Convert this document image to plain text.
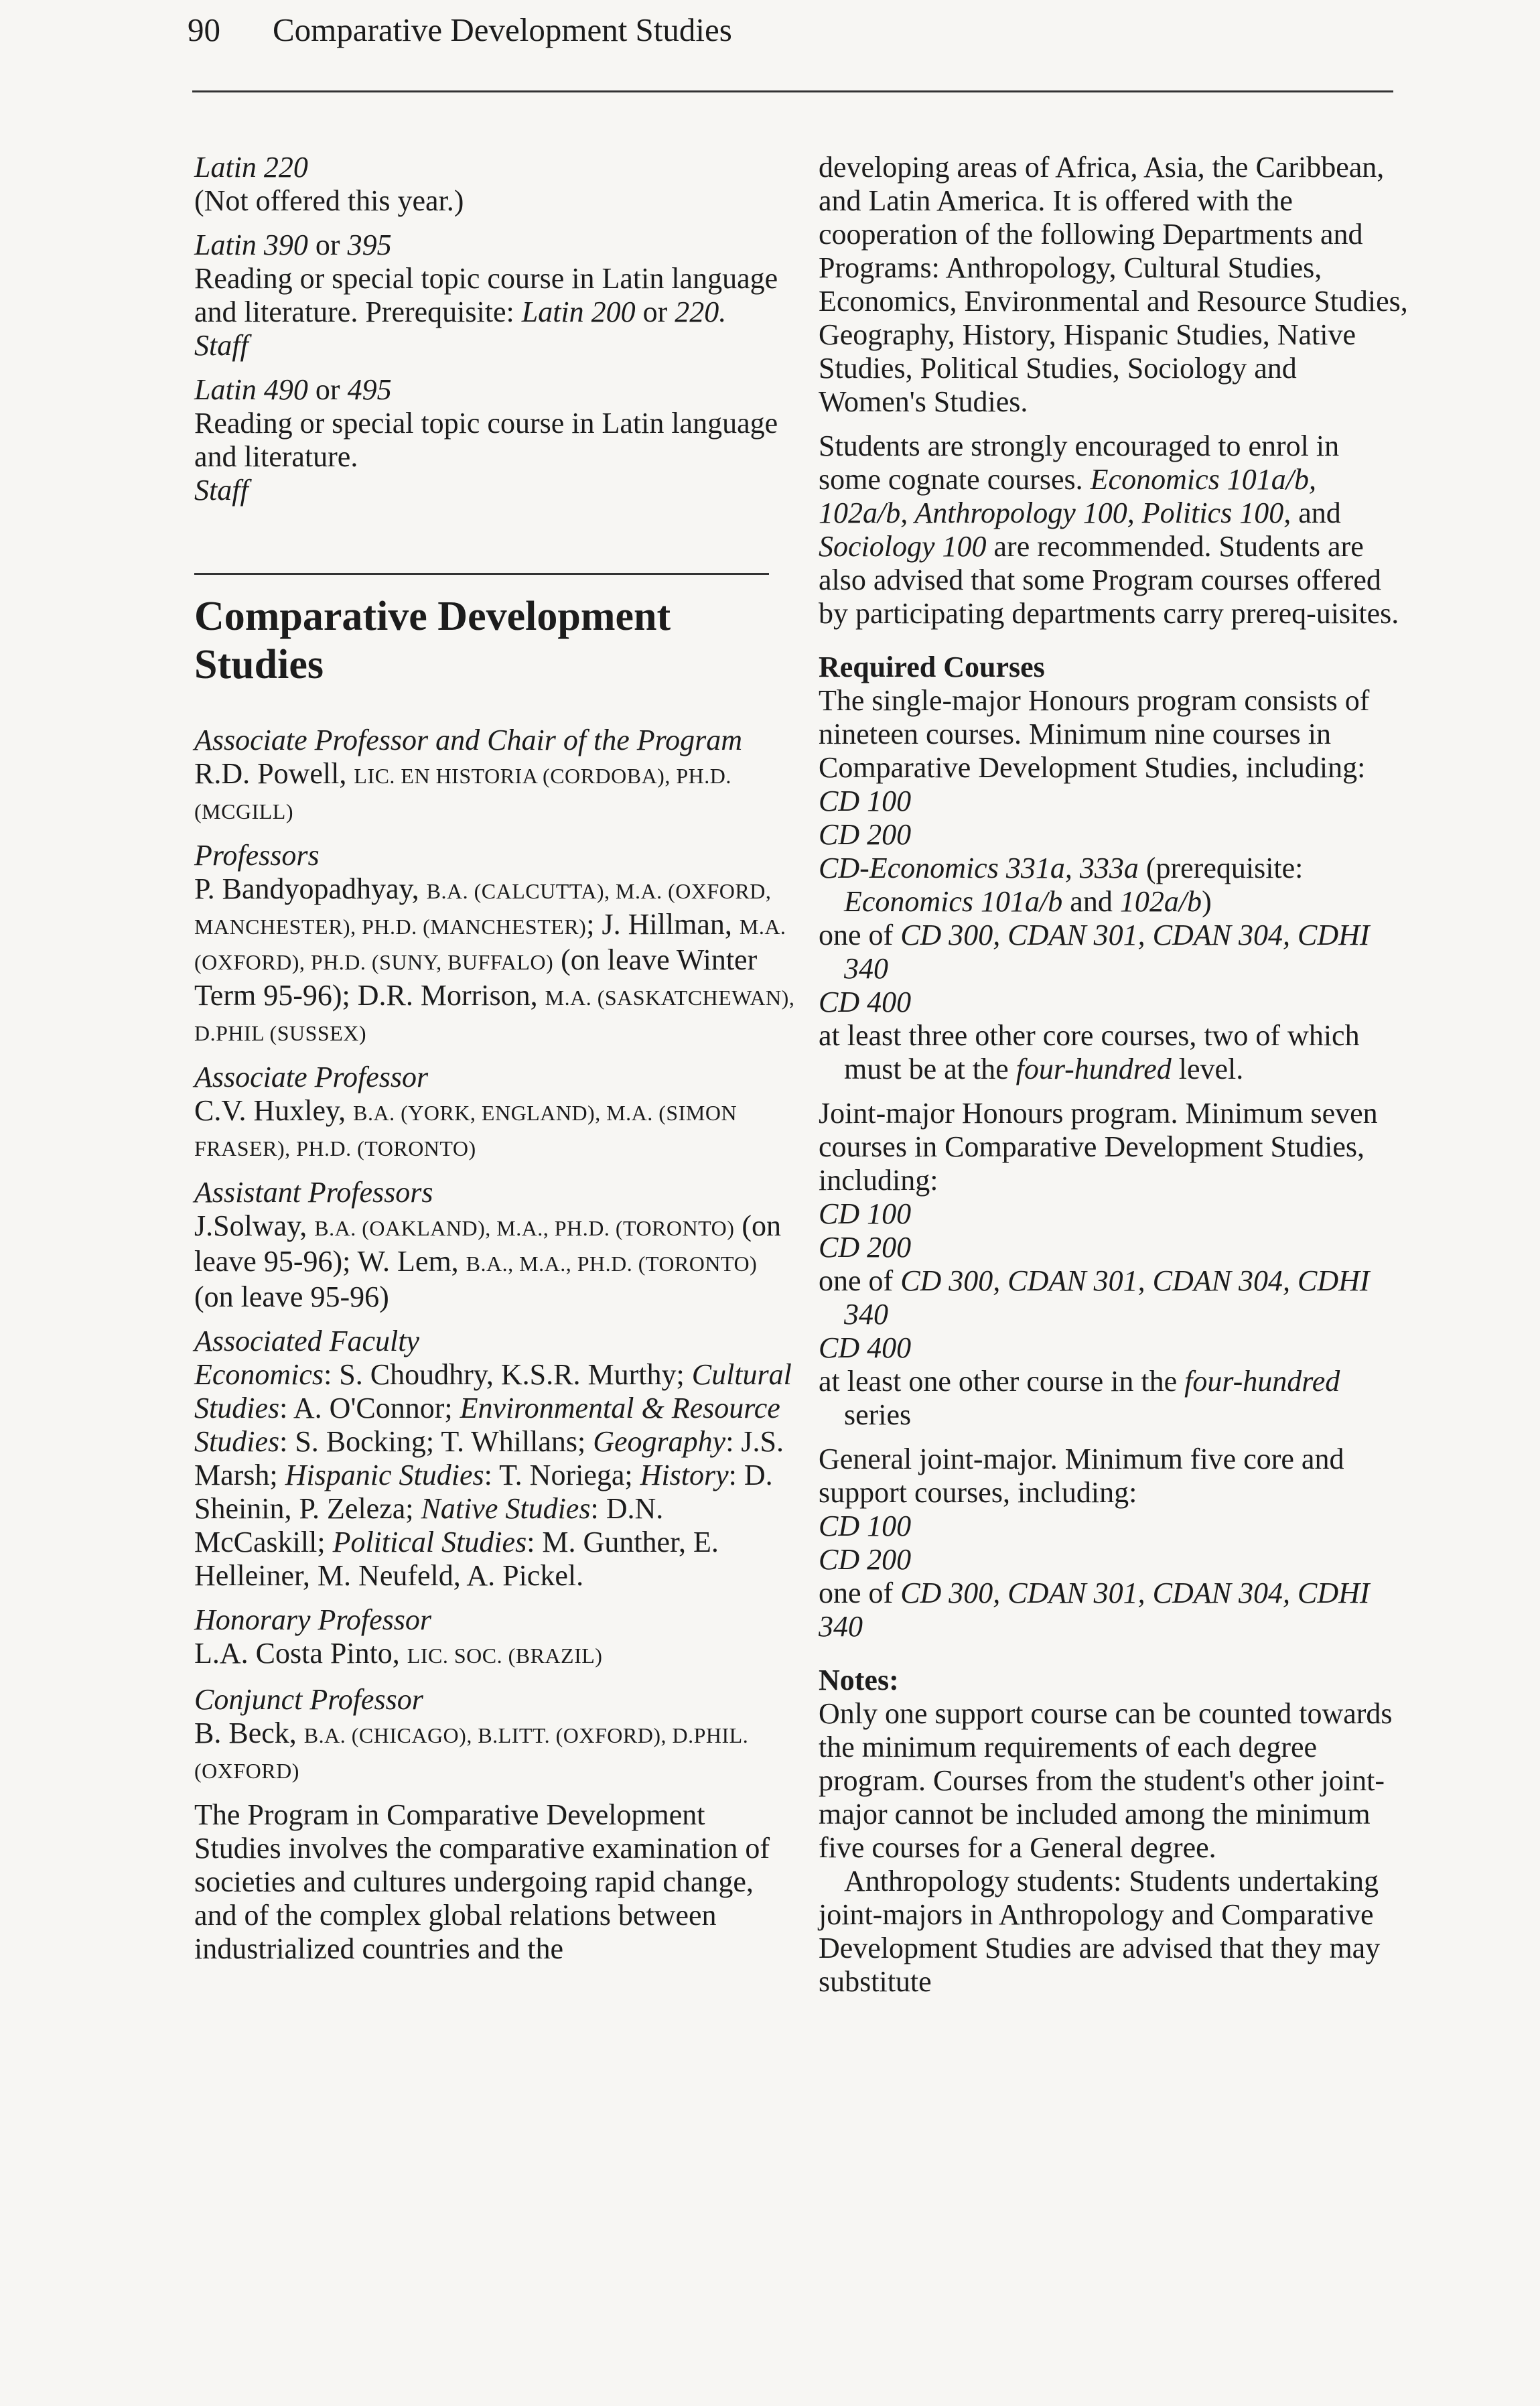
90 Comparative Development Studies

Latin 220

(Not offered this year.)

Latin 390 or 395

Reading or special topic course in Latin language and literature. Prerequisite: Latin 200 or 220.

Staff

Latin 490 or 495

Reading or special topic course in Latin language and literature.

Staff

Comparative Development Studies

Associate Professor and Chair of the Program

R.D. Powell, LIC. EN HISTORIA (CORDOBA), PH.D. (MCGILL)

Professors

P. Bandyopadhyay, B.A. (CALCUTTA), M.A. (OXFORD, MANCHESTER), PH.D. (MANCHESTER); J. Hillman, M.A. (OXFORD), PH.D. (SUNY, BUFFALO) (on leave Winter Term 95-96); D.R. Morrison, M.A. (SASKATCHEWAN), D.PHIL (SUSSEX)

Associate Professor

C.V. Huxley, B.A. (YORK, ENGLAND), M.A. (SIMON FRASER), PH.D. (TORONTO)

Assistant Professors

J.Solway, B.A. (OAKLAND), M.A., PH.D. (TORONTO) (on leave 95-96); W. Lem, B.A., M.A., PH.D. (TORONTO) (on leave 95-96)

Associated Faculty

Economics: S. Choudhry, K.S.R. Murthy; Cultural Studies: A. O'Connor; Environmental & Resource Studies: S. Bocking; T. Whillans; Geography: J.S. Marsh; Hispanic Studies: T. Noriega; History: D. Sheinin, P. Zeleza; Native Studies: D.N. McCaskill; Political Studies: M. Gunther, E. Helleiner, M. Neufeld, A. Pickel.

Honorary Professor

L.A. Costa Pinto, LIC. SOC. (BRAZIL)

Conjunct Professor

B. Beck, B.A. (CHICAGO), B.LITT. (OXFORD), D.PHIL. (OXFORD)

The Program in Comparative Development Studies involves the comparative examination of societies and cultures undergoing rapid change, and of the complex global relations between industrialized countries and the

developing areas of Africa, Asia, the Caribbean, and Latin America. It is offered with the cooperation of the following Departments and Programs: Anthropology, Cultural Studies, Economics, Environmental and Resource Studies, Geography, History, Hispanic Studies, Native Studies, Political Studies, Sociology and Women's Studies.

Students are strongly encouraged to enrol in some cognate courses. Economics 101a/b, 102a/b, Anthropology 100, Politics 100, and Sociology 100 are recommended. Students are also advised that some Program courses offered by participating departments carry prereq-uisites.

Required Courses

The single-major Honours program consists of nineteen courses. Minimum nine courses in Comparative Development Studies, including:

CD 100

CD 200

CD-Economics 331a, 333a (prerequisite: Economics 101a/b and 102a/b)

one of CD 300, CDAN 301, CDAN 304, CDHI 340

CD 400

at least three other core courses, two of which must be at the four-hundred level.

Joint-major Honours program. Minimum seven courses in Comparative Development Studies, including:

CD 100

CD 200

one of CD 300, CDAN 301, CDAN 304, CDHI 340

CD 400

at least one other course in the four-hundred series

General joint-major. Minimum five core and support courses, including:

CD 100

CD 200

one of CD 300, CDAN 301, CDAN 304, CDHI 340

Notes:

Only one support course can be counted towards the minimum requirements of each degree program. Courses from the student's other joint-major cannot be included among the minimum five courses for a General degree.

Anthropology students: Students undertaking joint-majors in Anthropology and Comparative Development Studies are advised that they may substitute
